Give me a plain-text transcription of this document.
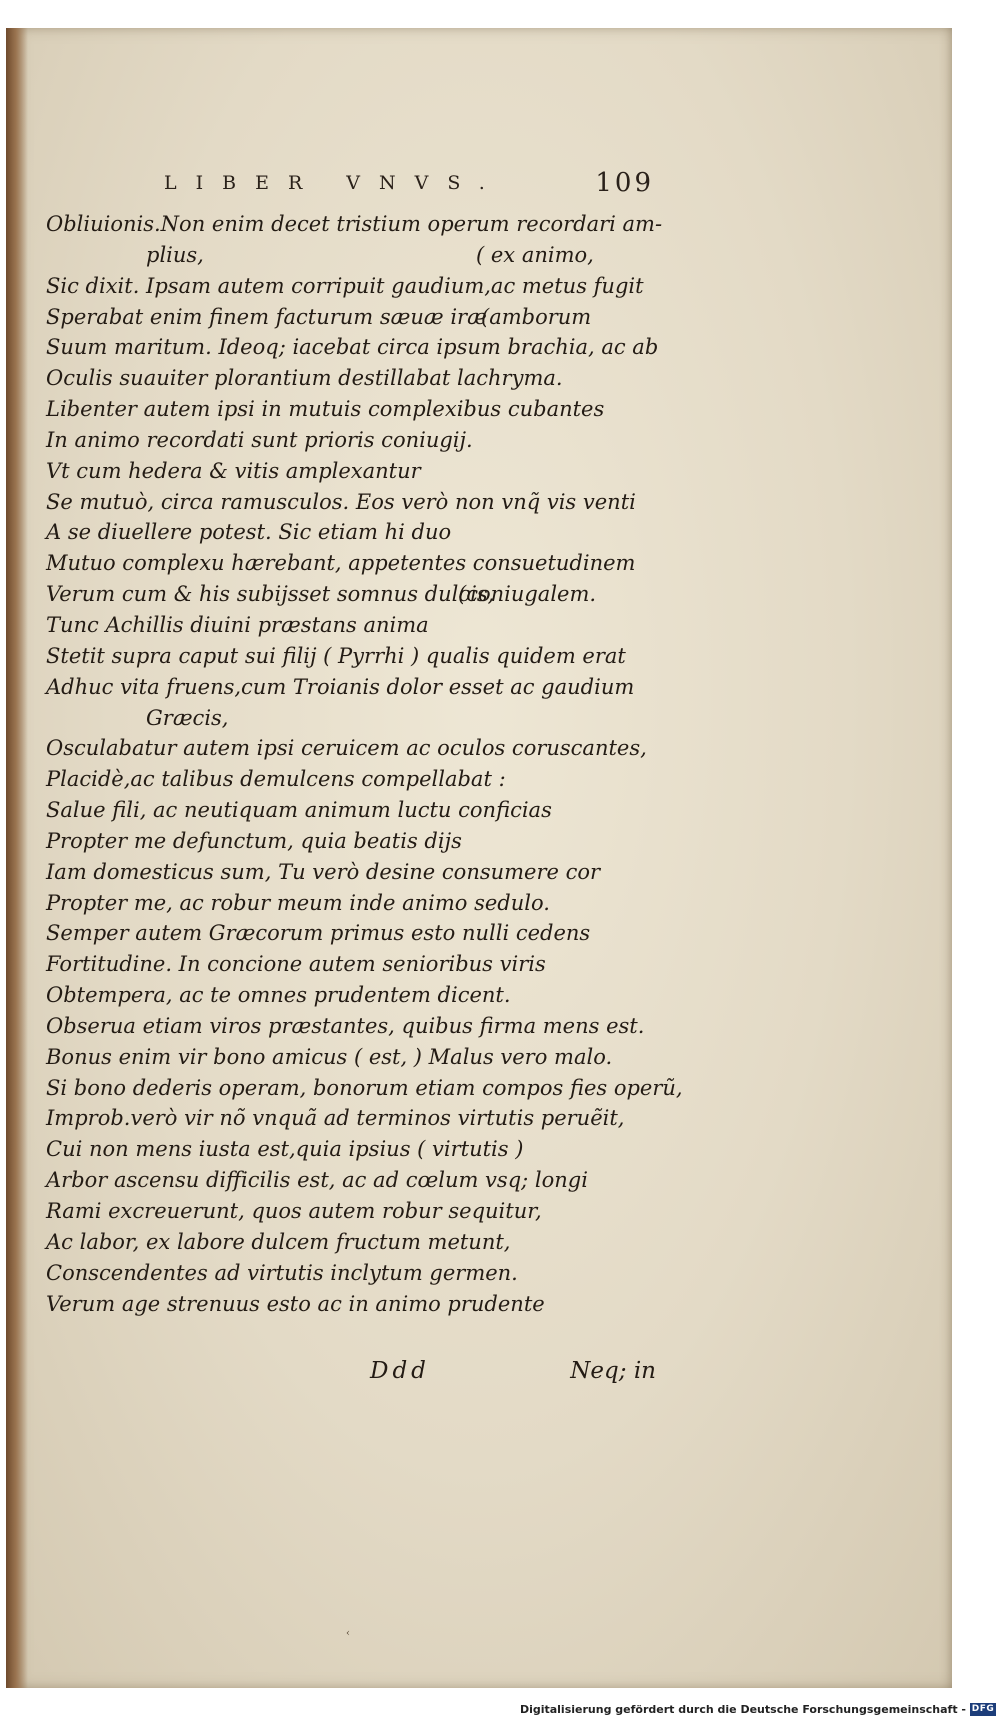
LIBER VNVS.	109
Obliuionis.Non enim decet tristium operum recordari am-
plius,	( ex animo,
Sic dixit. Ipsam autem corripuit gaudium,ac metus fugit
Sperabat enim finem facturum sæuæ iræ
(amborum
Suum maritum. Ideoq; iacebat circa ipsum brachia, ac ab
Oculis suauiter plorantium destillabat lachryma.
Libenter autem ipsi in mutuis complexibus cubantes
In animo recordati sunt prioris coniugij.
Vt cum hedera & vitis amplexantur
Se mutuò, circa ramusculos. Eos verò non vnq̃ vis venti
A se diuellere potest. Sic etiam hi duo
Mutuo complexu hærebant, appetentes consuetudinem
Verum cum & his subijsset somnus dulcis,
(coniugalem.
Tunc Achillis diuini præstans anima
Stetit supra caput sui filij ( Pyrrhi ) qualis quidem erat
Adhuc vita fruens,cum Troianis dolor esset ac gaudium
Græcis,
Osculabatur autem ipsi ceruicem ac oculos coruscantes,
Placidè,ac talibus demulcens compellabat :
Salue fili, ac neutiquam animum luctu conficias
Propter me defunctum, quia beatis dijs
Iam domesticus sum, Tu verò desine consumere cor
Propter me, ac robur meum inde animo sedulo.
Semper autem Græcorum primus esto nulli cedens
Fortitudine. In concione autem senioribus viris
Obtempera, ac te omnes prudentem dicent.
Obserua etiam viros præstantes, quibus firma mens est.
Bonus enim vir bono amicus ( est, ) Malus vero malo.
Si bono dederis operam, bonorum etiam compos fies operũ,
Improb.verò vir nõ vnquã ad terminos virtutis peruẽit,
Cui non mens iusta est,quia ipsius ( virtutis )
Arbor ascensu difficilis est, ac ad cœlum vsq; longi
Rami excreuerunt, quos autem robur sequitur,
Ac labor, ex labore dulcem fructum metunt,
Conscendentes ad virtutis inclytum germen.
Verum age strenuus esto ac in animo prudente
Ddd	Neq; in
‹
Digitalisierung gefördert durch die Deutsche Forschungsgemeinschaft - DFG
